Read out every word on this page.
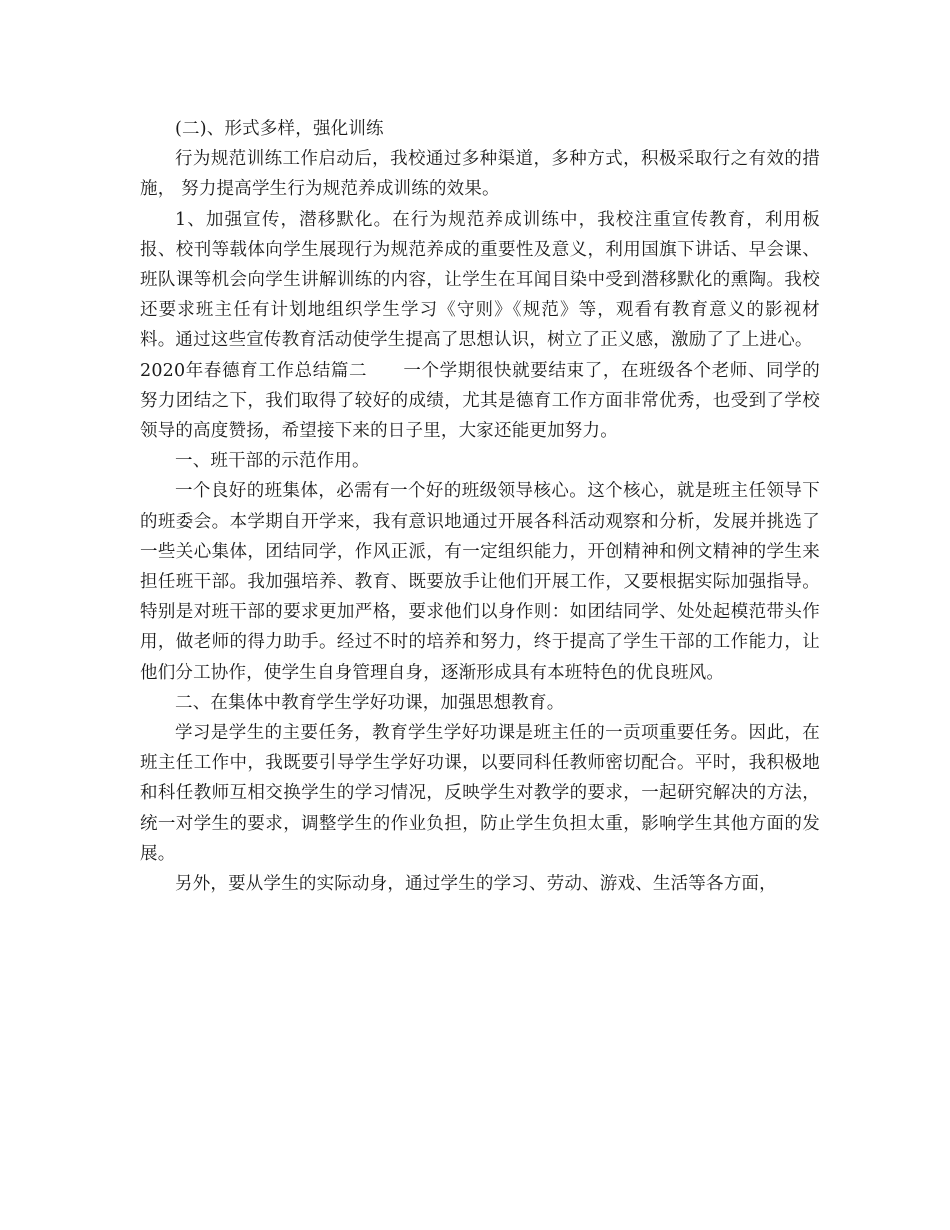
(二)、形式多样，强化训练

行为规范训练工作启动后，我校通过多种渠道，多种方式，积极采取行之有效的措施， 努力提高学生行为规范养成训练的效果。

1、加强宣传，潜移默化。在行为规范养成训练中，我校注重宣传教育，利用板报、校刊等载体向学生展现行为规范养成的重要性及意义，利用国旗下讲话、早会课、班队课等机会向学生讲解训练的内容，让学生在耳闻目染中受到潜移默化的熏陶。我校还要求班主任有计划地组织学生学习《守则》《规范》等，观看有教育意义的影视材料。通过这些宣传教育活动使学生提高了思想认识，树立了正义感，激励了了上进心。

2020年春德育工作总结篇二　　一个学期很快就要结束了，在班级各个老师、同学的努力团结之下，我们取得了较好的成绩，尤其是德育工作方面非常优秀，也受到了学校领导的高度赞扬，希望接下来的日子里，大家还能更加努力。

一、班干部的示范作用。

一个良好的班集体，必需有一个好的班级领导核心。这个核心，就是班主任领导下的班委会。本学期自开学来，我有意识地通过开展各科活动观察和分析，发展并挑选了一些关心集体，团结同学，作风正派，有一定组织能力，开创精神和例文精神的学生来担任班干部。我加强培养、教育、既要放手让他们开展工作，又要根据实际加强指导。特别是对班干部的要求更加严格，要求他们以身作则：如团结同学、处处起模范带头作用，做老师的得力助手。经过不时的培养和努力，终于提高了学生干部的工作能力，让他们分工协作，使学生自身管理自身，逐渐形成具有本班特色的优良班风。

二、在集体中教育学生学好功课，加强思想教育。

学习是学生的主要任务，教育学生学好功课是班主任的一贡项重要任务。因此，在班主任工作中，我既要引导学生学好功课，以要同科任教师密切配合。平时，我积极地和科任教师互相交换学生的学习情况，反映学生对教学的要求，一起研究解决的方法，统一对学生的要求，调整学生的作业负担，防止学生负担太重，影响学生其他方面的发展。

另外，要从学生的实际动身，通过学生的学习、劳动、游戏、生活等各方面，
